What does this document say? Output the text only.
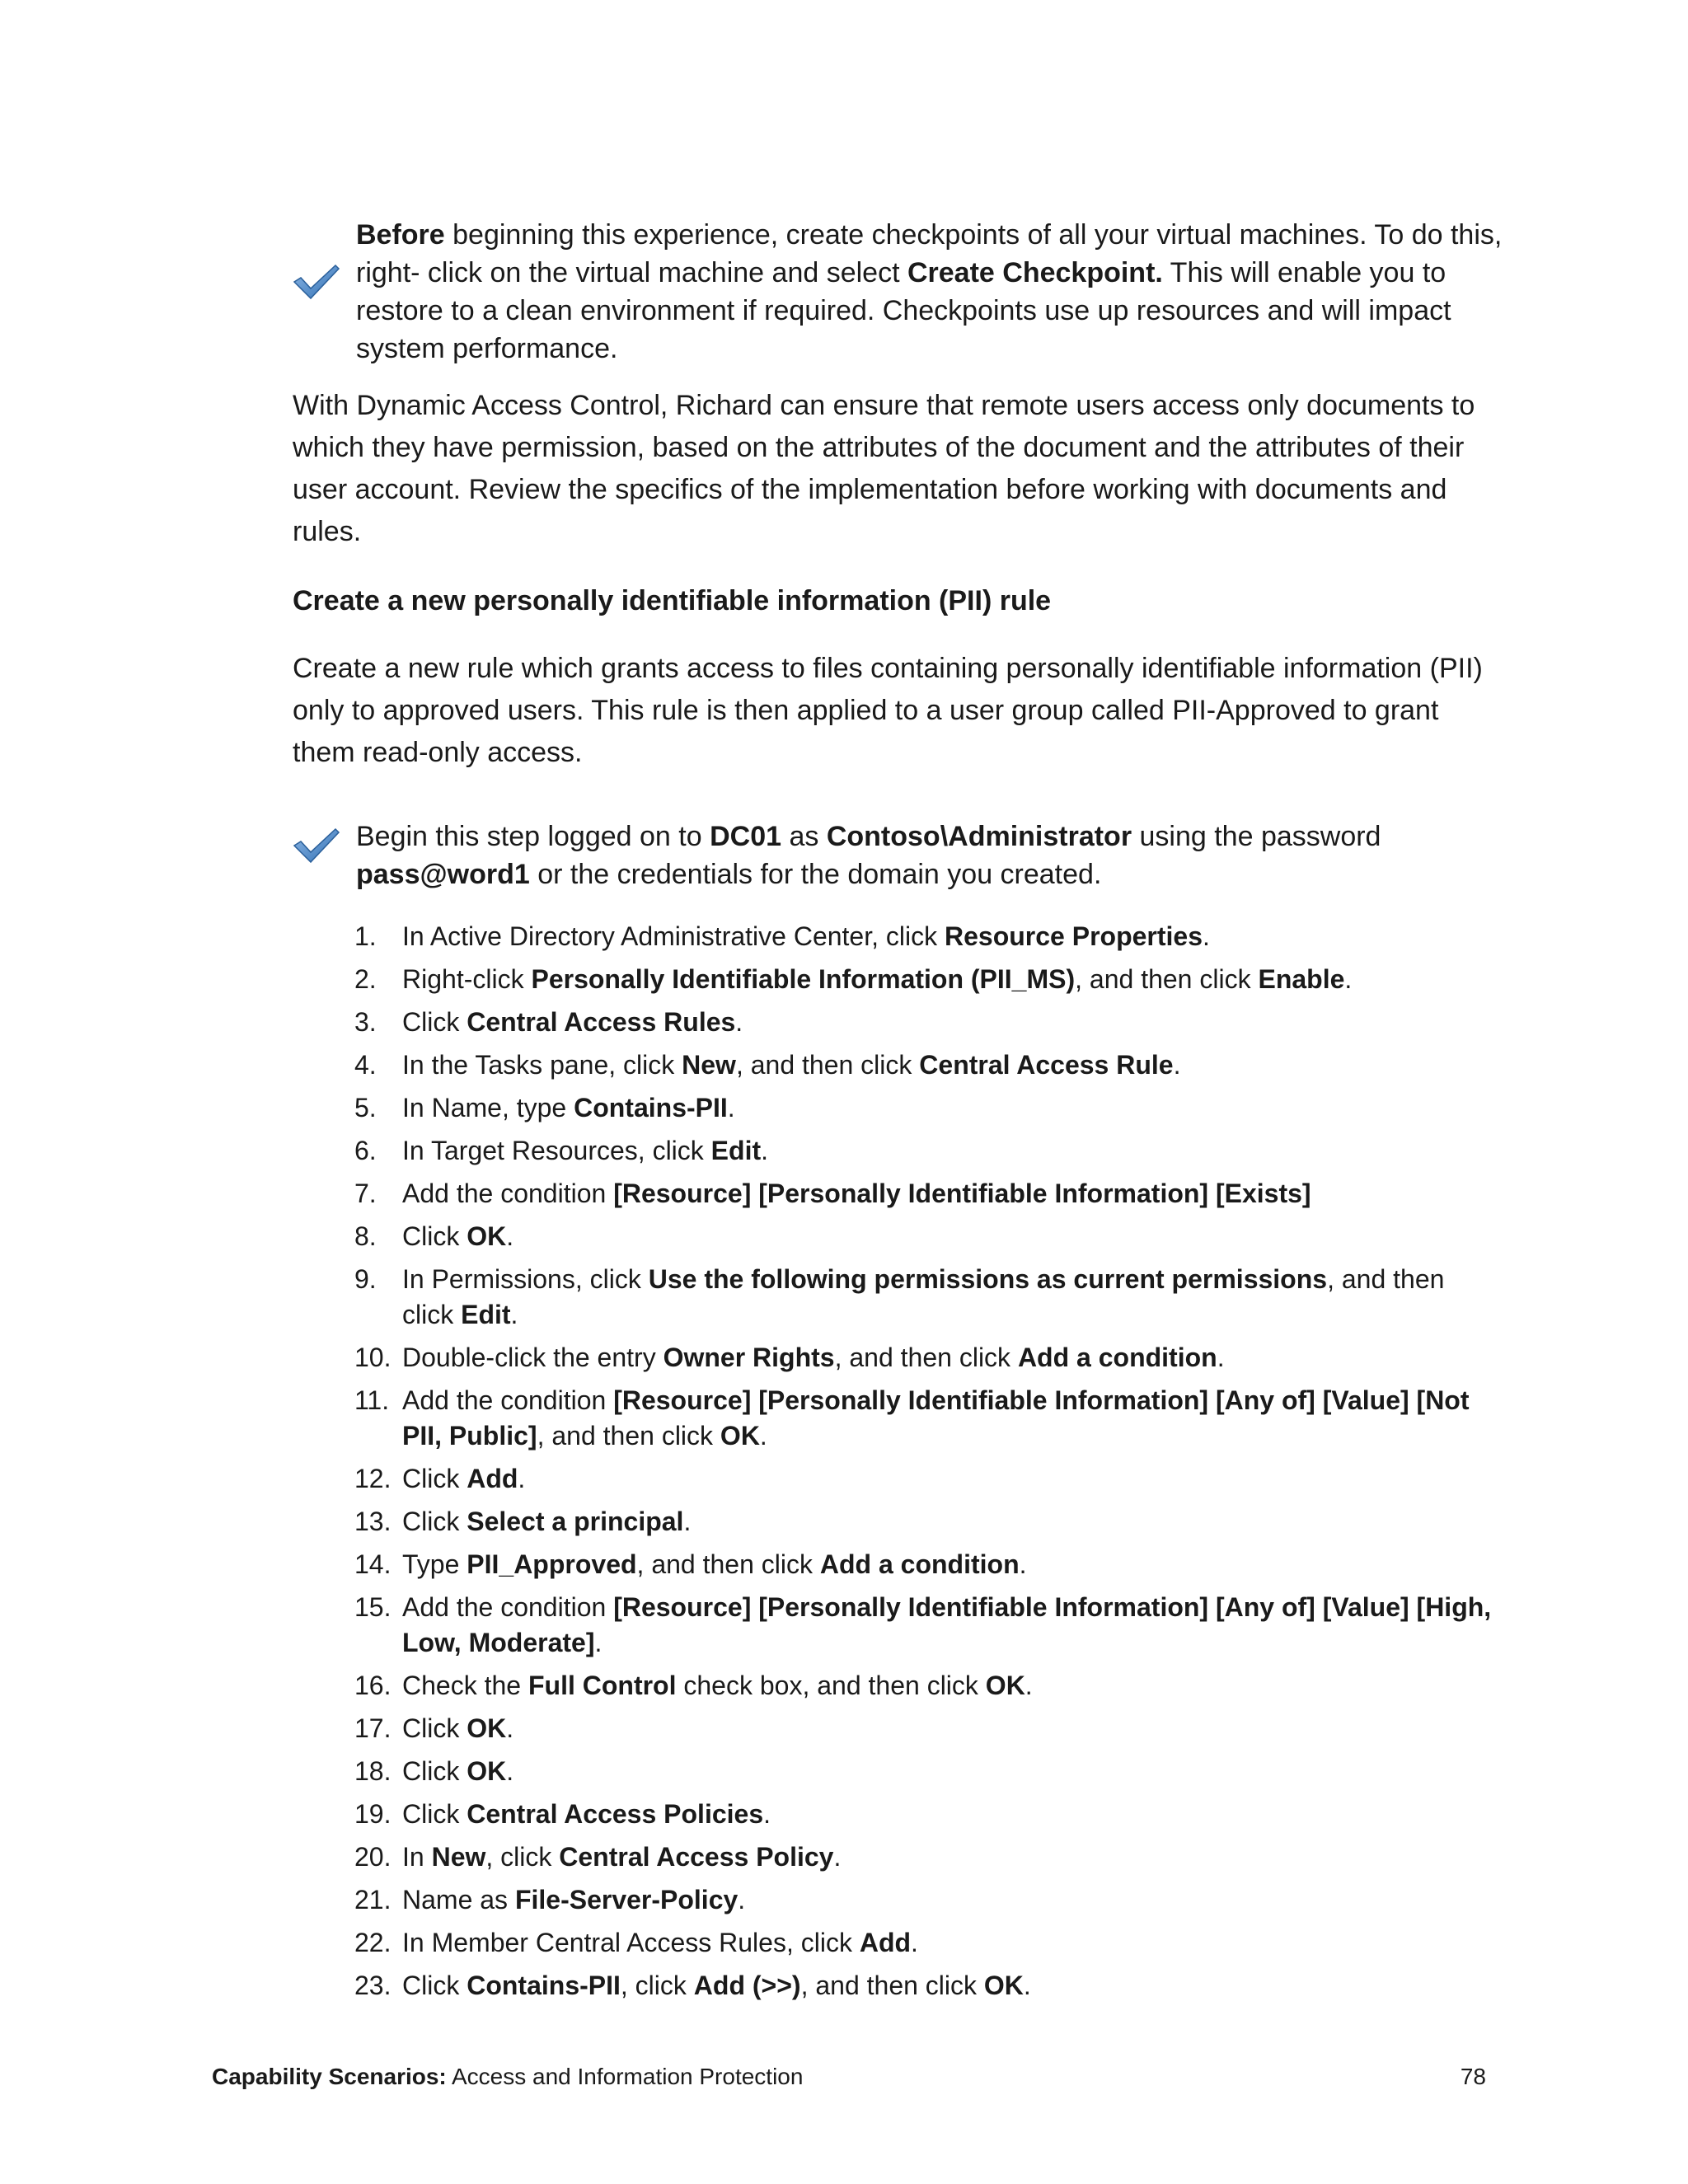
Before beginning this experience, create checkpoints of all your virtual machines. To do this, right- click on the virtual machine and select Create Checkpoint. This will enable you to restore to a clean environment if required. Checkpoints use up resources and will impact system performance.

With Dynamic Access Control, Richard can ensure that remote users access only documents to which they have permission, based on the attributes of the document and the attributes of their user account. Review the specifics of the implementation before working with documents and rules.

Create a new personally identifiable information (PII) rule

Create a new rule which grants access to files containing personally identifiable information (PII) only to approved users. This rule is then applied to a user group called PII-Approved to grant them read-only access.

Begin this step logged on to DC01 as Contoso\Administrator using the password pass@word1 or the credentials for the domain you created.
1. In Active Directory Administrative Center, click Resource Properties.
2. Right-click Personally Identifiable Information (PII_MS), and then click Enable.
3. Click Central Access Rules.
4. In the Tasks pane, click New, and then click Central Access Rule.
5. In Name, type Contains-PII.
6. In Target Resources, click Edit.
7. Add the condition [Resource] [Personally Identifiable Information] [Exists]
8. Click OK.
9. In Permissions, click Use the following permissions as current permissions, and then click Edit.
10. Double-click the entry Owner Rights, and then click Add a condition.
11. Add the condition [Resource] [Personally Identifiable Information] [Any of] [Value] [Not PII, Public], and then click OK.
12. Click Add.
13. Click Select a principal.
14. Type PII_Approved, and then click Add a condition.
15. Add the condition [Resource] [Personally Identifiable Information] [Any of] [Value] [High, Low, Moderate].
16. Check the Full Control check box, and then click OK.
17. Click OK.
18. Click OK.
19. Click Central Access Policies.
20. In New, click Central Access Policy.
21. Name as File-Server-Policy.
22. In Member Central Access Rules, click Add.
23. Click Contains-PII, click Add (>>), and then click OK.
Capability Scenarios: Access and Information Protection	78
